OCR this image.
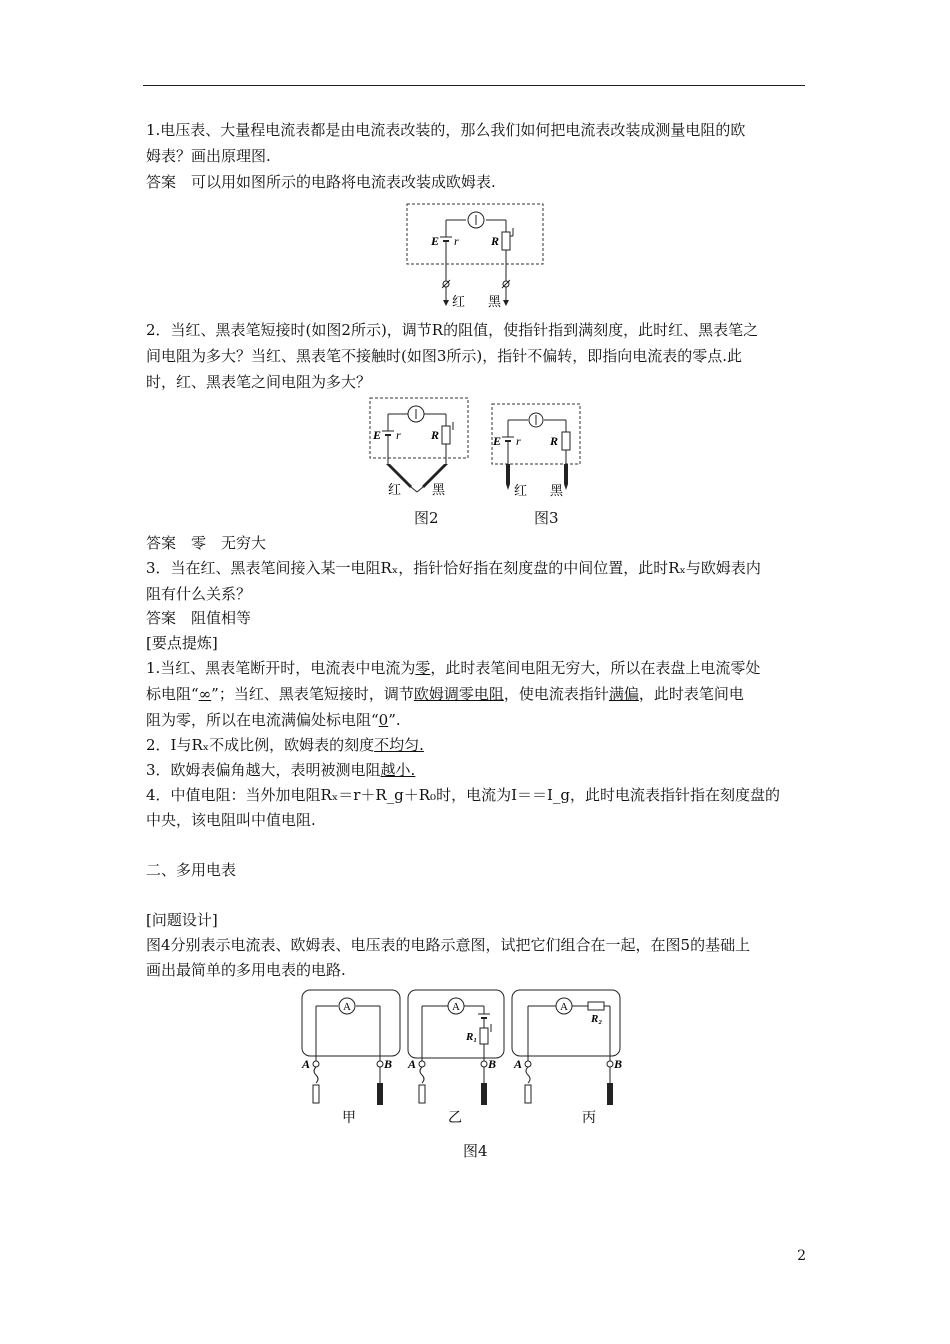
1.电压表、大量程电流表都是由电流表改装的，那么我们如何把电流表改装成测量电阻的欧
姆表？画出原理图.
答案　可以用如图所示的电路将电流表改装成欧姆表.
E r	R
红 黑
2．当红、黑表笔短接时(如图2所示)，调节R的阻值，使指针指到满刻度，此时红、黑表笔之
间电阻为多大？当红、黑表笔不接触时(如图3所示)，指针不偏转，即指向电流表的零点.此
时，红、黑表笔之间电阻为多大？
E r	R
红 黑
图2
E r R
红 黑
图3
答案　零　无穷大
3．当在红、黑表笔间接入某一电阻Rₓ，指针恰好指在刻度盘的中间位置，此时Rₓ与欧姆表内
阻有什么关系？
答案　阻值相等
[要点提炼]
1.当红、黑表笔断开时，电流表中电流为零，此时表笔间电阻无穷大，所以在表盘上电流零处
标电阻“∞”；当红、黑表笔短接时，调节欧姆调零电阻，使电流表指针满偏，此时表笔间电
阻为零，所以在电流满偏处标电阻“0”.
2．I与Rₓ不成比例，欧姆表的刻度不均匀.
3．欧姆表偏角越大，表明被测电阻越小.
4．中值电阻：当外加电阻Rₓ＝r＋R_g＋R₀时，电流为I＝＝I_g，此时电流表指针指在刻度盘的
中央，该电阻叫中值电阻.
二、多用电表
[问题设计]
图4分别表示电流表、欧姆表、电压表的电路示意图，试把它们组合在一起，在图5的基础上
画出最简单的多用电表的电路.
A
A	B
甲
A
R₁
A	B
乙
A
R₂
A	B
丙
图4
2
